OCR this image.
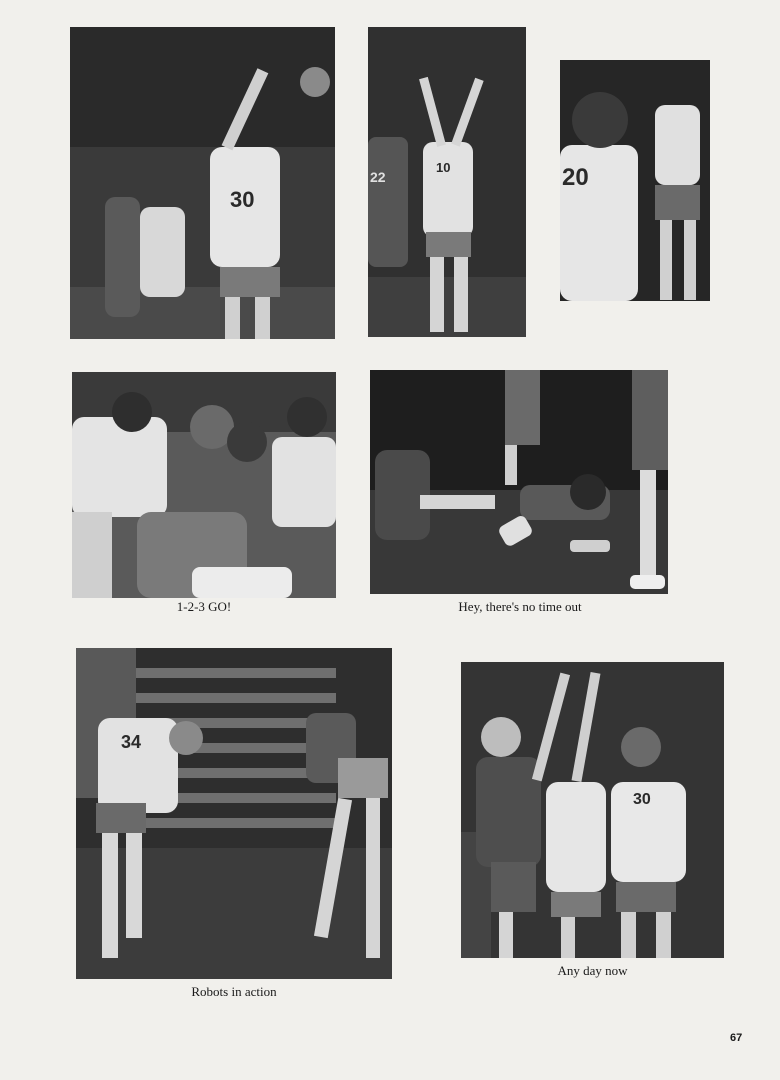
30
22
10	20
1-2-3 GO!	Hey, there's no time out
34
Robots in action
30
Any day now
67
